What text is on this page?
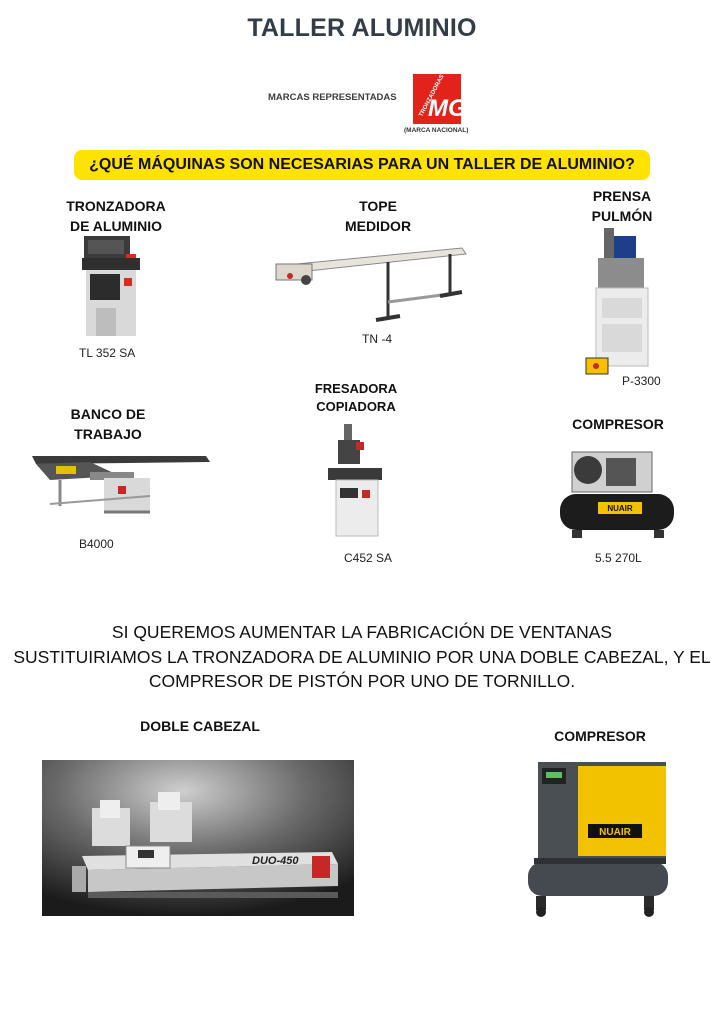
TALLER ALUMINIO
MARCAS REPRESENTADAS	TRONZADORAS
M
(MARCA NACIONAL)
¿QUÉ MÁQUINAS SON NECESARIAS PARA UN TALLER DE ALUMINIO?
TRONZADORA
DE ALUMINIO
TL 352 SA
TOPE
MEDIDOR
TN -4
PRENSA
PULMÓN
P-3300
BANCO DE
TRABAJO
B4000
FRESADORA
COPIADORA
C452 SA
COMPRESOR
NUAIR
5.5 270L
SI QUEREMOS AUMENTAR LA FABRICACIÓN DE VENTANAS
SUSTITUIRIAMOS LA TRONZADORA DE ALUMINIO POR UNA DOBLE CABEZAL, Y EL
COMPRESOR DE PISTÓN POR UNO DE TORNILLO.
DOBLE CABEZAL
DUO-450
COMPRESOR
NUAIR
